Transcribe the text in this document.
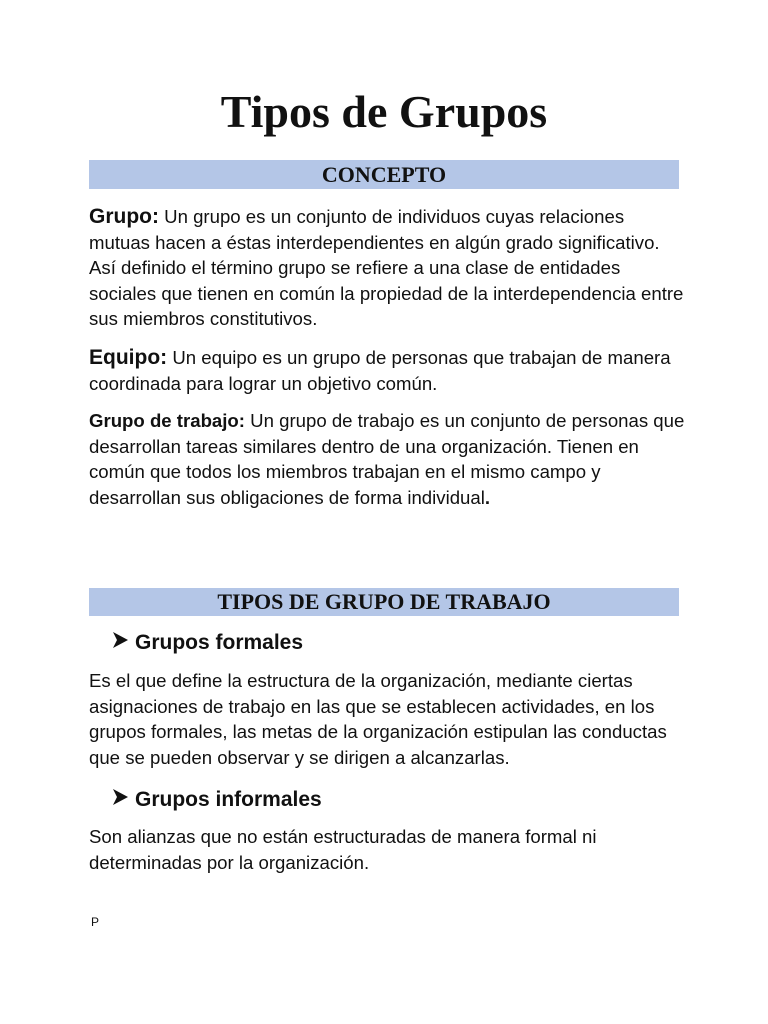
Tipos de Grupos
CONCEPTO

Grupo: Un grupo es un conjunto de individuos cuyas relaciones mutuas hacen a éstas interdependientes en algún grado significativo. Así definido el término grupo se refiere a una clase de entidades sociales que tienen en común la propiedad de la interdependencia entre sus miembros constitutivos.

Equipo: Un equipo es un grupo de personas que trabajan de manera coordinada para lograr un objetivo común.

Grupo de trabajo: Un grupo de trabajo es un conjunto de personas que desarrollan tareas similares dentro de una organización. Tienen en común que todos los miembros trabajan en el mismo campo y desarrollan sus obligaciones de forma individual.

TIPOS DE GRUPO DE TRABAJO
Grupos formales

Es el que define la estructura de la organización, mediante ciertas asignaciones de trabajo en las que se establecen actividades, en los grupos formales, las metas de la organización estipulan las conductas que se pueden observar y se dirigen a alcanzarlas.

Grupos informales

Son alianzas que no están estructuradas de manera formal ni determinadas por la organización.

P
